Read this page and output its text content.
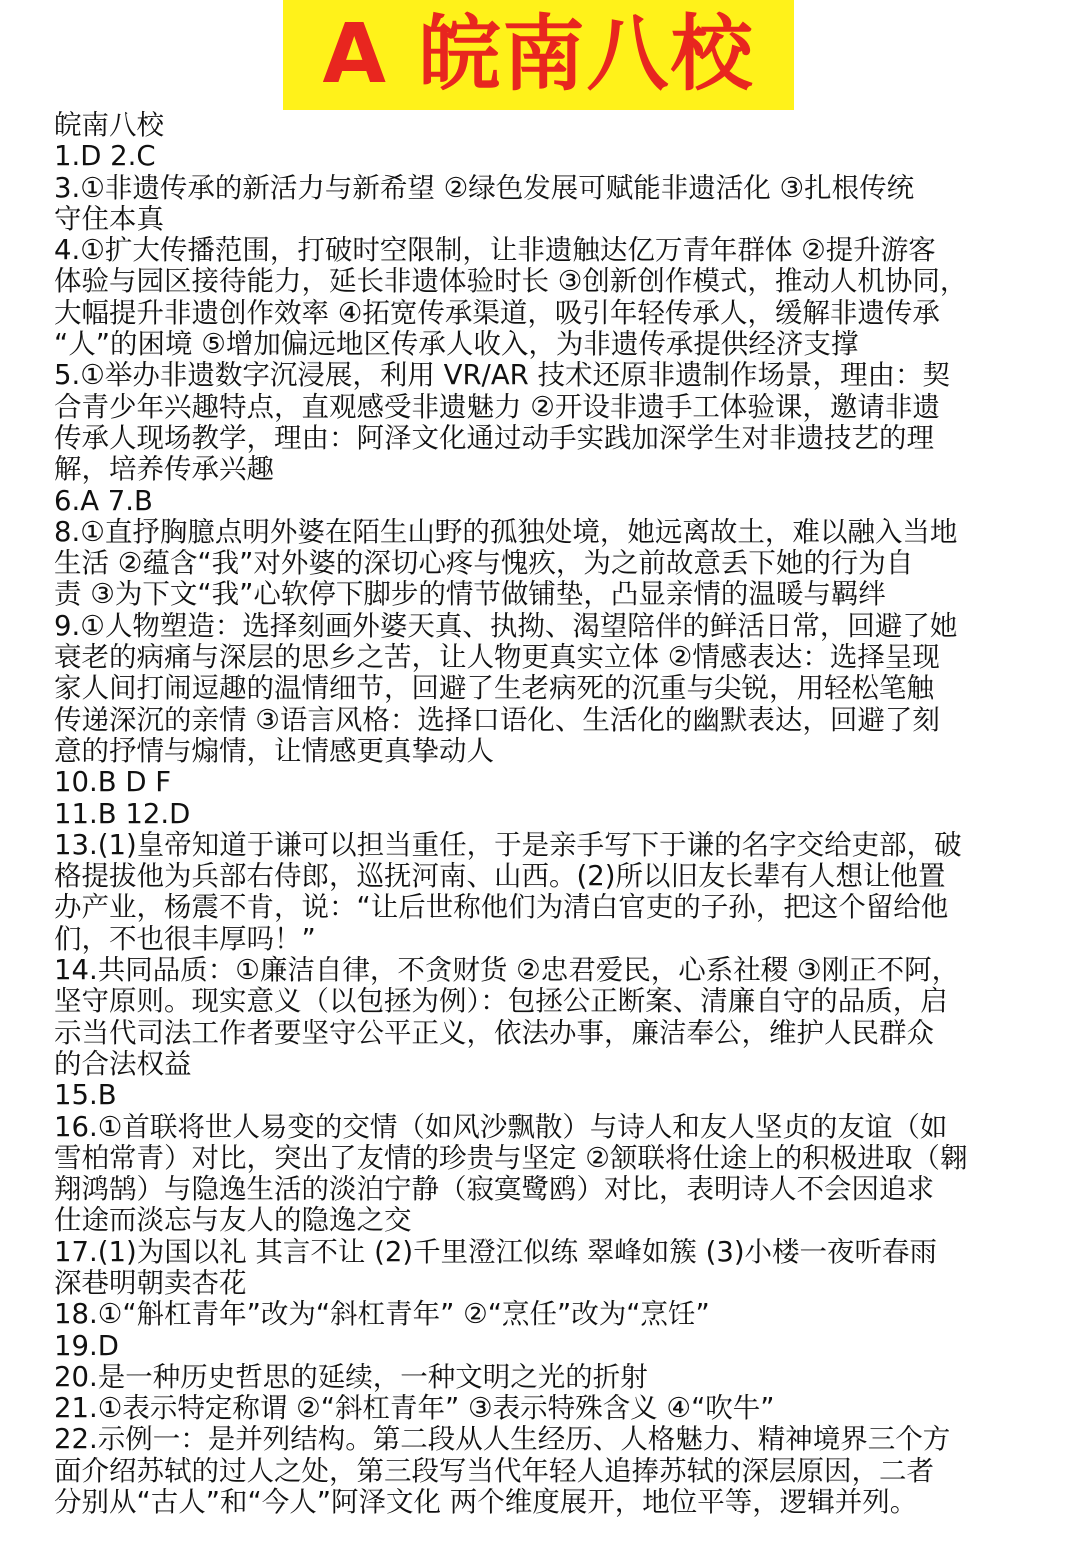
A 皖南八校
皖南八校
1.D 2.C
3.①非遗传承的新活力与新希望 ②绿色发展可赋能非遗活化 ③扎根传统
守住本真
4.①扩大传播范围，打破时空限制，让非遗触达亿万青年群体 ②提升游客
体验与园区接待能力，延长非遗体验时长 ③创新创作模式，推动人机协同，
大幅提升非遗创作效率 ④拓宽传承渠道，吸引年轻传承人，缓解非遗传承
“人”的困境 ⑤增加偏远地区传承人收入，为非遗传承提供经济支撑
5.①举办非遗数字沉浸展，利用 VR/AR 技术还原非遗制作场景，理由：契
合青少年兴趣特点，直观感受非遗魅力 ②开设非遗手工体验课，邀请非遗
传承人现场教学，理由：阿泽文化通过动手实践加深学生对非遗技艺的理
解，培养传承兴趣
6.A 7.B
8.①直抒胸臆点明外婆在陌生山野的孤独处境，她远离故土，难以融入当地
生活 ②蕴含“我”对外婆的深切心疼与愧疚，为之前故意丢下她的行为自
责 ③为下文“我”心软停下脚步的情节做铺垫，凸显亲情的温暖与羁绊
9.①人物塑造：选择刻画外婆天真、执拗、渴望陪伴的鲜活日常，回避了她
衰老的病痛与深层的思乡之苦，让人物更真实立体 ②情感表达：选择呈现
家人间打闹逗趣的温情细节，回避了生老病死的沉重与尖锐，用轻松笔触
传递深沉的亲情 ③语言风格：选择口语化、生活化的幽默表达，回避了刻
意的抒情与煽情，让情感更真挚动人
10.B D F
11.B 12.D
13.(1)皇帝知道于谦可以担当重任，于是亲手写下于谦的名字交给吏部，破
格提拔他为兵部右侍郎，巡抚河南、山西。(2)所以旧友长辈有人想让他置
办产业，杨震不肯，说：“让后世称他们为清白官吏的子孙，把这个留给他
们，不也很丰厚吗！”
14.共同品质：①廉洁自律，不贪财货 ②忠君爱民，心系社稷 ③刚正不阿，
坚守原则。现实意义（以包拯为例）：包拯公正断案、清廉自守的品质，启
示当代司法工作者要坚守公平正义，依法办事，廉洁奉公，维护人民群众
的合法权益
15.B
16.①首联将世人易变的交情（如风沙飘散）与诗人和友人坚贞的友谊（如
雪柏常青）对比，突出了友情的珍贵与坚定 ②颔联将仕途上的积极进取（翱
翔鸿鹄）与隐逸生活的淡泊宁静（寂寞鹭鸥）对比，表明诗人不会因追求
仕途而淡忘与友人的隐逸之交
17.(1)为国以礼 其言不让 (2)千里澄江似练 翠峰如簇 (3)小楼一夜听春雨
深巷明朝卖杏花
18.①“斛杠青年”改为“斜杠青年” ②“烹任”改为“烹饪”
19.D
20.是一种历史哲思的延续，一种文明之光的折射
21.①表示特定称谓 ②“斜杠青年” ③表示特殊含义 ④“吹牛”
22.示例一：是并列结构。第二段从人生经历、人格魅力、精神境界三个方
面介绍苏轼的过人之处，第三段写当代年轻人追捧苏轼的深层原因，二者
分别从“古人”和“今人”阿泽文化 两个维度展开，地位平等，逻辑并列。
